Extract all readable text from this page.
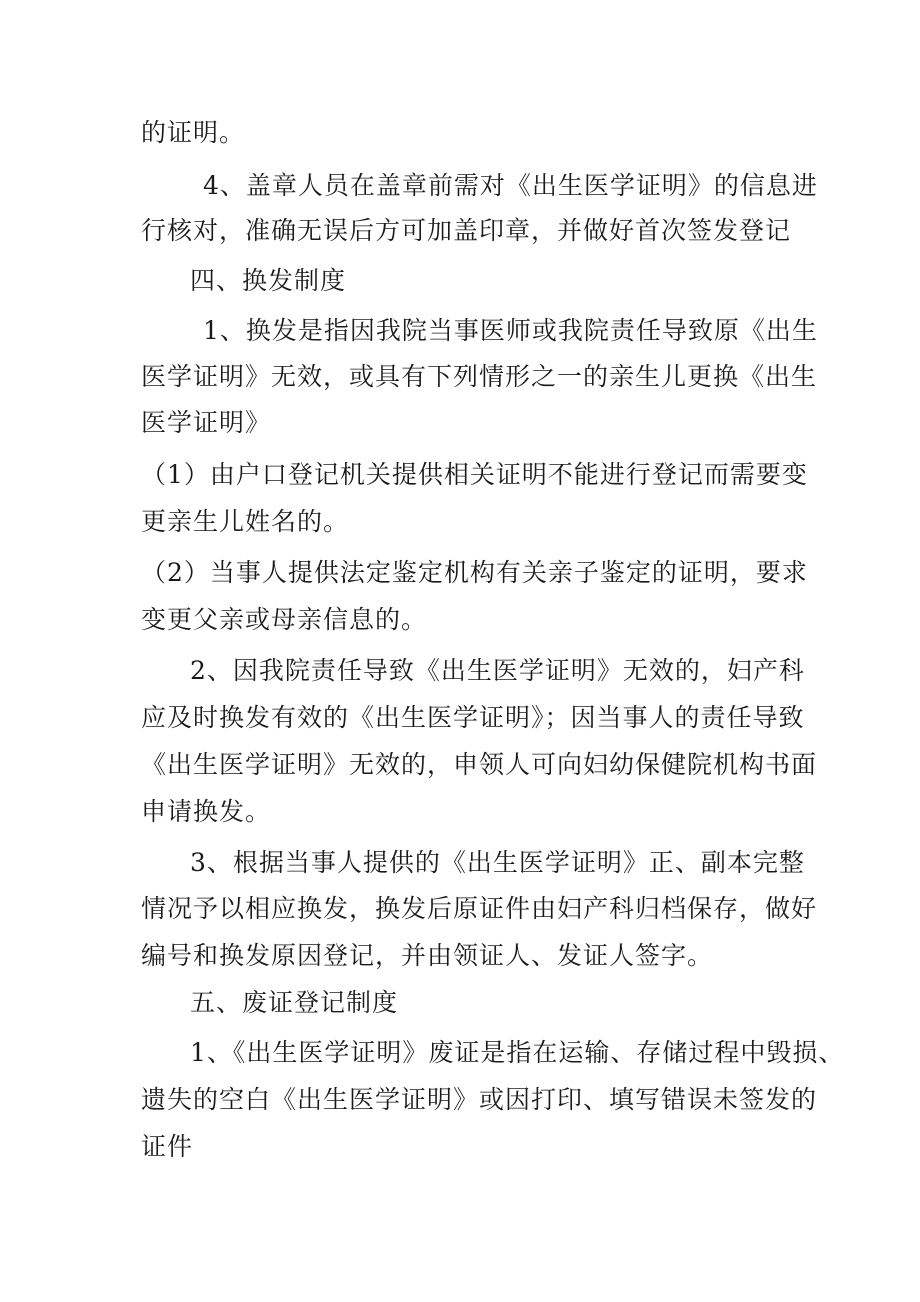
的证明。

4、盖章人员在盖章前需对《出生医学证明》的信息进

行核对，准确无误后方可加盖印章，并做好首次签发登记

四、换发制度

1、换发是指因我院当事医师或我院责任导致原《出生

医学证明》无效，或具有下列情形之一的亲生儿更换《出生

医学证明》

（1）由户口登记机关提供相关证明不能进行登记而需要变

更亲生儿姓名的。

（2）当事人提供法定鉴定机构有关亲子鉴定的证明，要求

变更父亲或母亲信息的。

2、因我院责任导致《出生医学证明》无效的，妇产科

应及时换发有效的《出生医学证明》；因当事人的责任导致

《出生医学证明》无效的，申领人可向妇幼保健院机构书面

申请换发。

3、根据当事人提供的《出生医学证明》正、副本完整

情况予以相应换发，换发后原证件由妇产科归档保存，做好

编号和换发原因登记，并由领证人、发证人签字。

五、废证登记制度

1、《出生医学证明》废证是指在运输、存储过程中毁损、

遗失的空白《出生医学证明》或因打印、填写错误未签发的

证件
